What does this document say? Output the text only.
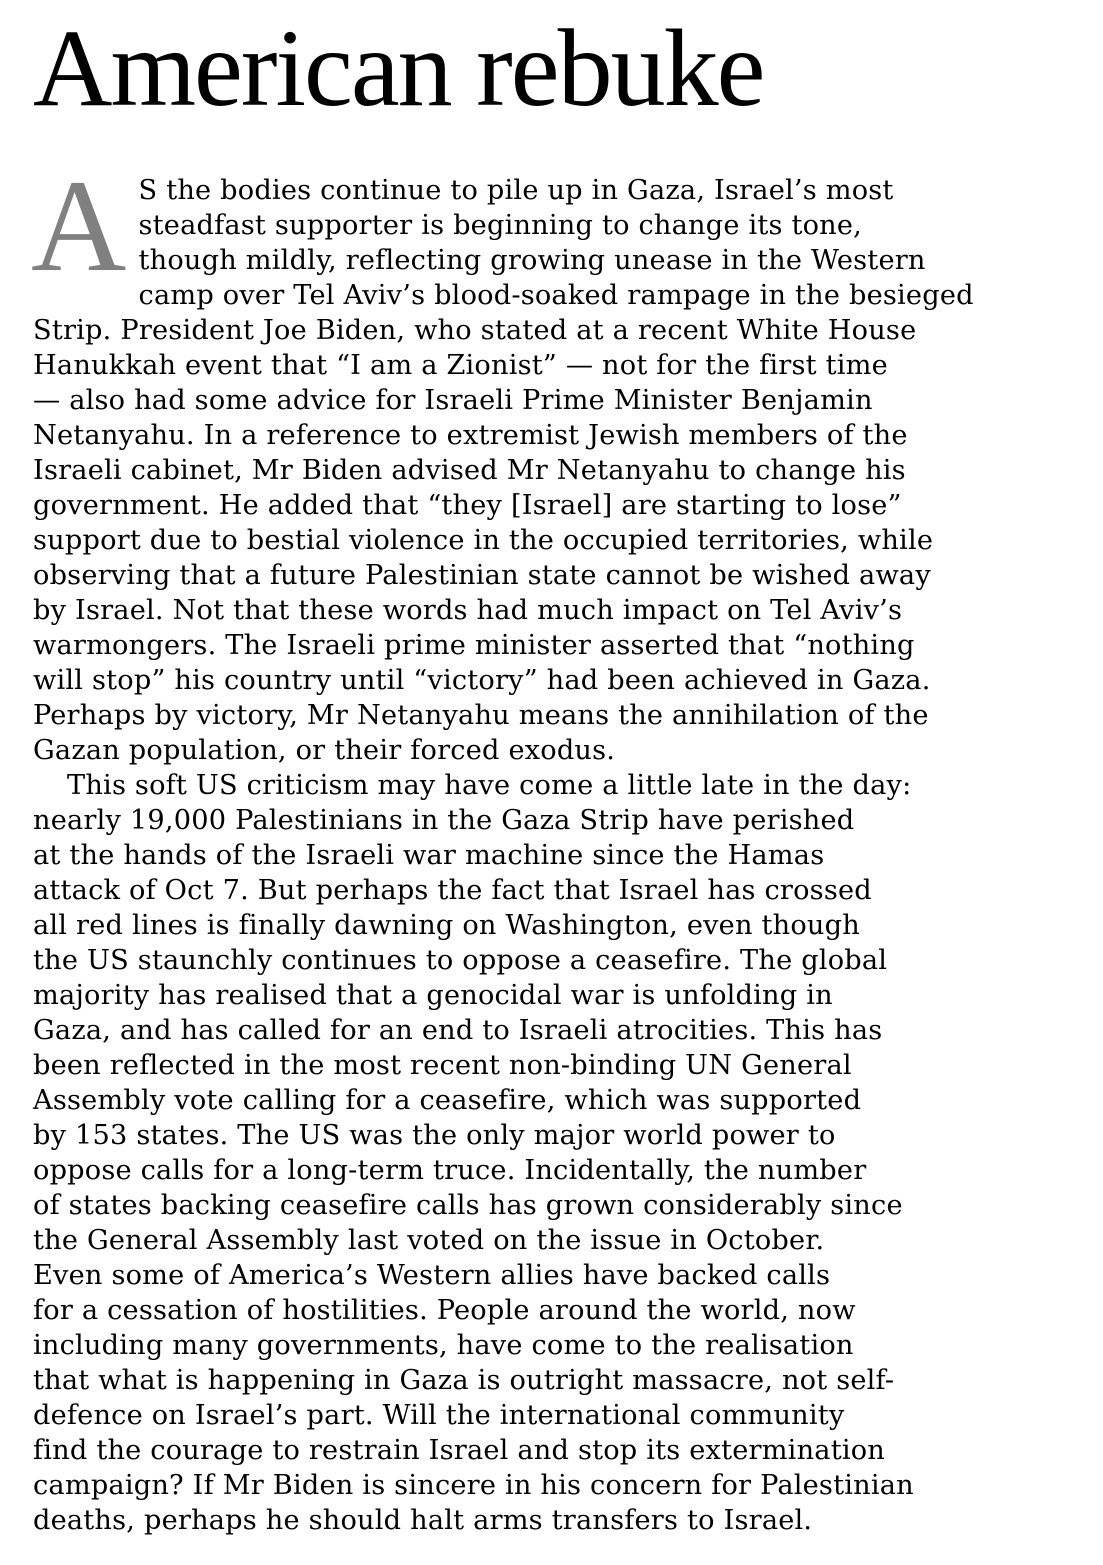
American rebuke

A S the bodies continue to pile up in Gaza, Israel’s most
steadfast supporter is beginning to change its tone,
though mildly, reflecting growing unease in the Western
camp over Tel Aviv’s blood-soaked rampage in the besieged
Strip. President Joe Biden, who stated at a recent White House
Hanukkah event that “I am a Zionist” — not for the first time
— also had some advice for Israeli Prime Minister Benjamin
Netanyahu. In a reference to extremist Jewish members of the
Israeli cabinet, Mr Biden advised Mr Netanyahu to change his
government. He added that “they [Israel] are starting to lose”
support due to bestial violence in the occupied territories, while
observing that a future Palestinian state cannot be wished away
by Israel. Not that these words had much impact on Tel Aviv’s
warmongers. The Israeli prime minister asserted that “nothing
will stop” his country until “victory” had been achieved in Gaza.
Perhaps by victory, Mr Netanyahu means the annihilation of the
Gazan population, or their forced exodus.

This soft US criticism may have come a little late in the day:
nearly 19,000 Palestinians in the Gaza Strip have perished
at the hands of the Israeli war machine since the Hamas
attack of Oct 7. But perhaps the fact that Israel has crossed
all red lines is finally dawning on Washington, even though
the US staunchly continues to oppose a ceasefire. The global
majority has realised that a genocidal war is unfolding in
Gaza, and has called for an end to Israeli atrocities. This has
been reflected in the most recent non-binding UN General
Assembly vote calling for a ceasefire, which was supported
by 153 states. The US was the only major world power to
oppose calls for a long-term truce. Incidentally, the number
of states backing ceasefire calls has grown considerably since
the General Assembly last voted on the issue in October.
Even some of America’s Western allies have backed calls
for a cessation of hostilities. People around the world, now
including many governments, have come to the realisation
that what is happening in Gaza is outright massacre, not self-
defence on Israel’s part. Will the international community
find the courage to restrain Israel and stop its extermination
campaign? If Mr Biden is sincere in his concern for Palestinian
deaths, perhaps he should halt arms transfers to Israel.
